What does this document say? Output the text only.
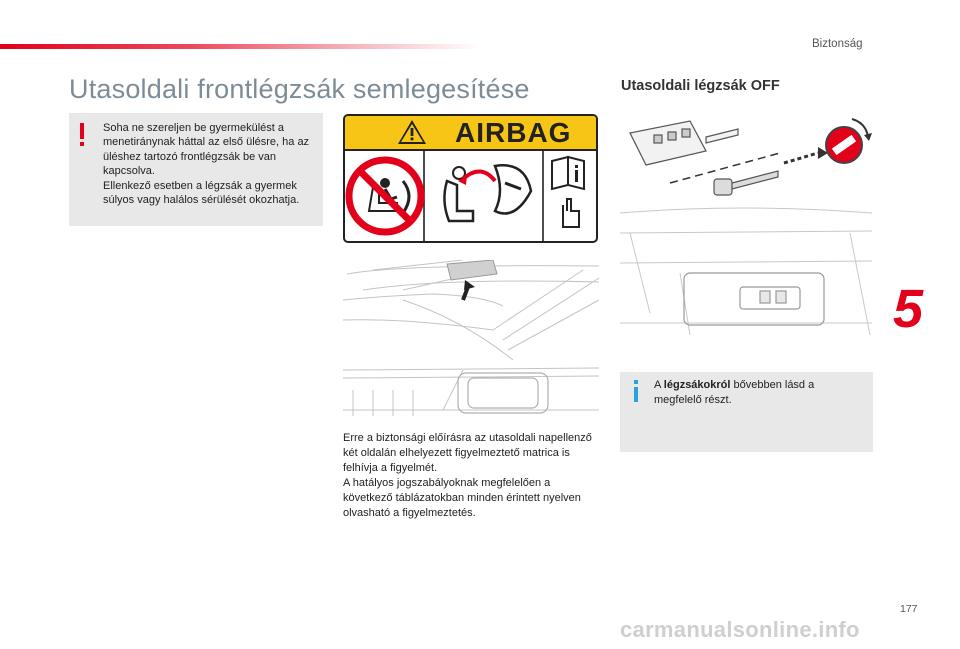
Biztonság
Utasoldali frontlégzsák semlegesítése	Utasoldali légzsák OFF

Soha ne szereljen be gyermekülést a menetiránynak háttal az első ülésre, ha az üléshez tartozó frontlégzsák be van kapcsolva.

Ellenkező esetben a légzsák a gyermek súlyos vagy halálos sérülését okozhatja.

AIRBAG

Erre a biztonsági előírásra az utasoldali napellenző két oldalán elhelyezett figyelmeztető matrica is felhívja a figyelmét.

A hatályos jogszabályoknak megfelelően a következő táblázatokban minden érintett nyelven olvasható a figyelmeztetés.

A légzsákokról bővebben lásd a megfelelő részt.
5
177
carmanualsonline.info
